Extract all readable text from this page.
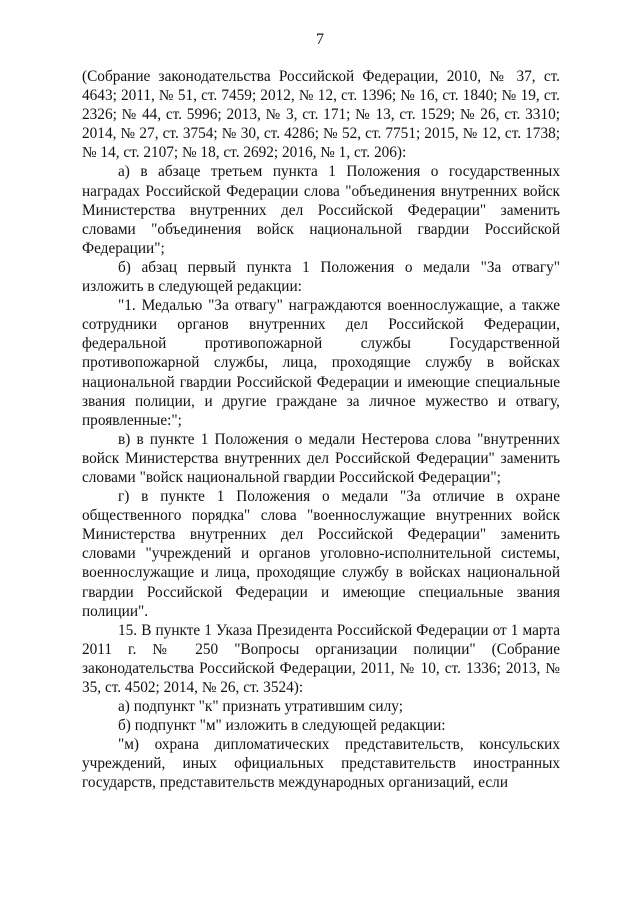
7

(Собрание законодательства Российской Федерации, 2010, № 37, ст. 4643; 2011, № 51, ст. 7459; 2012, № 12, ст. 1396; № 16, ст. 1840; № 19, ст. 2326; № 44, ст. 5996; 2013, № 3, ст. 171; № 13, ст. 1529; № 26, ст. 3310; 2014, № 27, ст. 3754; № 30, ст. 4286; № 52, ст. 7751; 2015, № 12, ст. 1738; № 14, ст. 2107; № 18, ст. 2692; 2016, № 1, ст. 206):

а) в абзаце третьем пункта 1 Положения о государственных наградах Российской Федерации слова "объединения внутренних войск Министерства внутренних дел Российской Федерации" заменить словами "объединения войск национальной гвардии Российской Федерации";

б) абзац первый пункта 1 Положения о медали "За отвагу" изложить в следующей редакции:

"1. Медалью "За отвагу" награждаются военнослужащие, а также сотрудники органов внутренних дел Российской Федерации, федеральной противопожарной службы Государственной противопожарной службы, лица, проходящие службу в войсках национальной гвардии Российской Федерации и имеющие специальные звания полиции, и другие граждане за личное мужество и отвагу, проявленные:";

в) в пункте 1 Положения о медали Нестерова слова "внутренних войск Министерства внутренних дел Российской Федерации" заменить словами "войск национальной гвардии Российской Федерации";

г) в пункте 1 Положения о медали "За отличие в охране общественного порядка" слова "военнослужащие внутренних войск Министерства внутренних дел Российской Федерации" заменить словами "учреждений и органов уголовно-исполнительной системы, военнослужащие и лица, проходящие службу в войсках национальной гвардии Российской Федерации и имеющие специальные звания полиции".

15. В пункте 1 Указа Президента Российской Федерации от 1 марта 2011 г. № 250 "Вопросы организации полиции" (Собрание законодательства Российской Федерации, 2011, № 10, ст. 1336; 2013, № 35, ст. 4502; 2014, № 26, ст. 3524):

а) подпункт "к" признать утратившим силу;

б) подпункт "м" изложить в следующей редакции:

"м) охрана дипломатических представительств, консульских учреждений, иных официальных представительств иностранных государств, представительств международных организаций, если
